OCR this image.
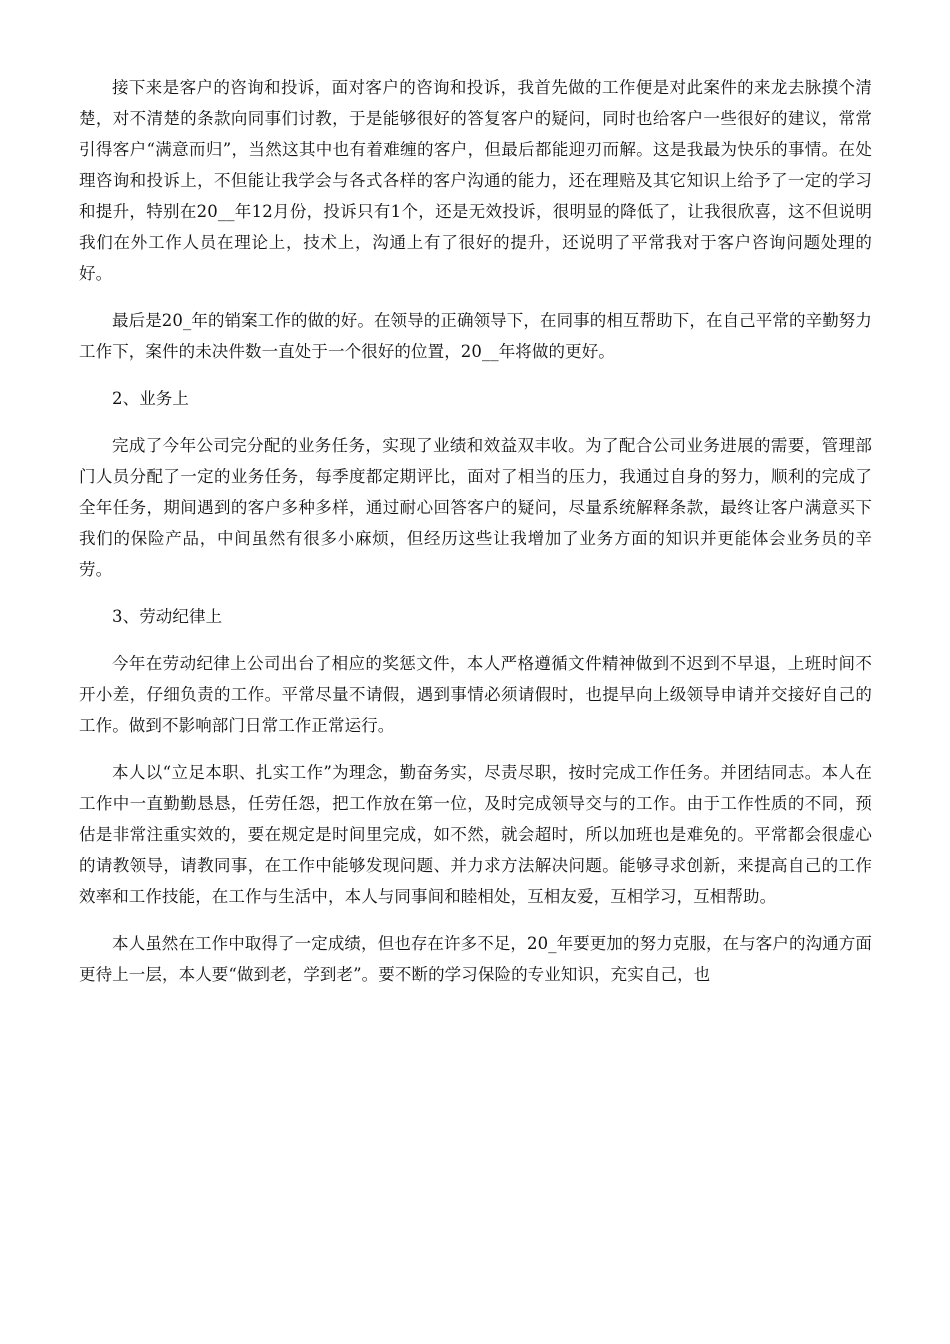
接下来是客户的咨询和投诉，面对客户的咨询和投诉，我首先做的工作便是对此案件的来龙去脉摸个清楚，对不清楚的条款向同事们讨教，于是能够很好的答复客户的疑问，同时也给客户一些很好的建议，常常引得客户“满意而归”，当然这其中也有着难缠的客户，但最后都能迎刃而解。这是我最为快乐的事情。在处理咨询和投诉上，不但能让我学会与各式各样的客户沟通的能力，还在理赔及其它知识上给予了一定的学习和提升，特别在20__年12月份，投诉只有1个，还是无效投诉，很明显的降低了，让我很欣喜，这不但说明我们在外工作人员在理论上，技术上，沟通上有了很好的提升，还说明了平常我对于客户咨询问题处理的好。

最后是20_年的销案工作的做的好。在领导的正确领导下，在同事的相互帮助下，在自己平常的辛勤努力工作下，案件的未决件数一直处于一个很好的位置，20__年将做的更好。

2、业务上

完成了今年公司完分配的业务任务，实现了业绩和效益双丰收。为了配合公司业务进展的需要，管理部门人员分配了一定的业务任务，每季度都定期评比，面对了相当的压力，我通过自身的努力，顺利的完成了全年任务，期间遇到的客户多种多样，通过耐心回答客户的疑问，尽量系统解释条款，最终让客户满意买下我们的保险产品，中间虽然有很多小麻烦，但经历这些让我增加了业务方面的知识并更能体会业务员的辛劳。

3、劳动纪律上

今年在劳动纪律上公司出台了相应的奖惩文件，本人严格遵循文件精神做到不迟到不早退，上班时间不开小差，仔细负责的工作。平常尽量不请假，遇到事情必须请假时，也提早向上级领导申请并交接好自己的工作。做到不影响部门日常工作正常运行。

本人以“立足本职、扎实工作”为理念，勤奋务实，尽责尽职，按时完成工作任务。并团结同志。本人在工作中一直勤勤恳恳，任劳任怨，把工作放在第一位，及时完成领导交与的工作。由于工作性质的不同，预估是非常注重实效的，要在规定是时间里完成，如不然，就会超时，所以加班也是难免的。平常都会很虚心的请教领导，请教同事，在工作中能够发现问题、并力求方法解决问题。能够寻求创新，来提高自己的工作效率和工作技能，在工作与生活中，本人与同事间和睦相处，互相友爱，互相学习，互相帮助。

本人虽然在工作中取得了一定成绩，但也存在许多不足，20_年要更加的努力克服，在与客户的沟通方面更待上一层，本人要“做到老，学到老”。要不断的学习保险的专业知识，充实自己，也
